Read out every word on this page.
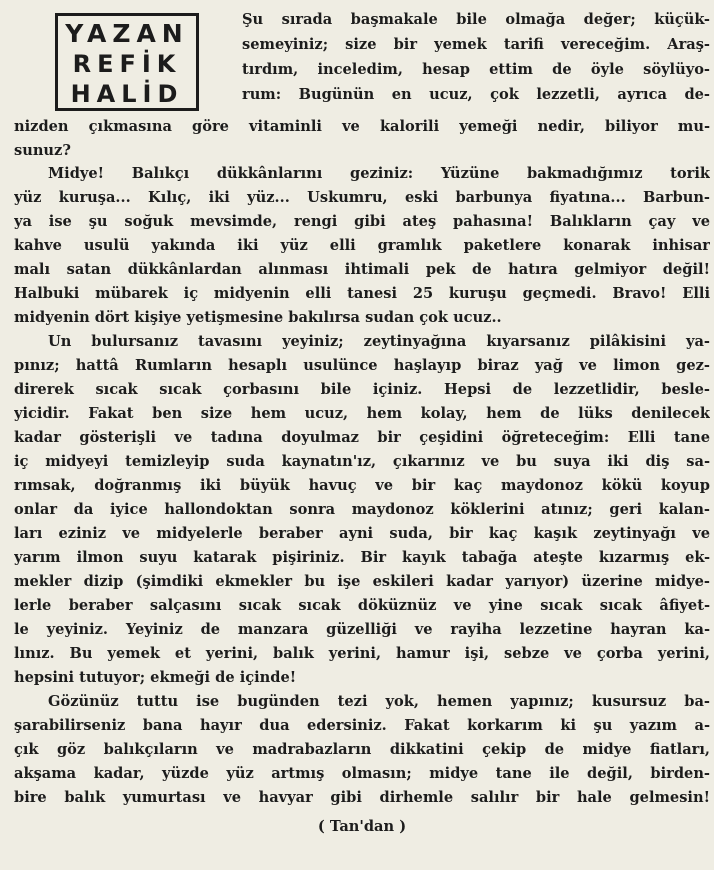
YAZAN
REFİK
HALİD
Şu sırada başmakale bile olmağa değer; küçük-
semeyiniz; size bir yemek tarifi vereceğim. Araş-
tırdım, inceledim, hesap ettim de öyle söylüyo-
rum: Bugünün en ucuz, çok lezzetli, ayrıca de-
nizden çıkmasına göre vitaminli ve kalorili yemeği nedir, biliyor mu-
sunuz?
Midye! Balıkçı dükkânlarını geziniz: Yüzüne bakmadığımız torik
yüz kuruşa... Kılıç, iki yüz... Uskumru, eski barbunya fiyatına... Barbun-
ya ise şu soğuk mevsimde, rengi gibi ateş pahasına! Balıkların çay ve
kahve usulü yakında iki yüz elli gramlık paketlere konarak inhisar
malı satan dükkânlardan alınması ihtimali pek de hatıra gelmiyor değil!
Halbuki mübarek iç midyenin elli tanesi 25 kuruşu geçmedi. Bravo! Elli
midyenin dört kişiye yetişmesine bakılırsa sudan çok ucuz..
Un bulursanız tavasını yeyiniz; zeytinyağına kıyarsanız pilâkisini ya-
pınız; hattâ Rumların hesaplı usulünce haşlayıp biraz yağ ve limon gez-
direrek sıcak sıcak çorbasını bile içiniz. Hepsi de lezzetlidir, besle-
yicidir. Fakat ben size hem ucuz, hem kolay, hem de lüks denilecek
kadar gösterişli ve tadına doyulmaz bir çeşidini öğreteceğim: Elli tane
iç midyeyi temizleyip suda kaynatın'ız, çıkarınız ve bu suya iki diş sa-
rımsak, doğranmış iki büyük havuç ve bir kaç maydonoz kökü koyup
onlar da iyice hallondoktan sonra maydonoz köklerini atınız; geri kalan-
ları eziniz ve midyelerle beraber ayni suda, bir kaç kaşık zeytinyağı ve
yarım ilmon suyu katarak pişiriniz. Bir kayık tabağa ateşte kızarmış ek-
mekler dizip (şimdiki ekmekler bu işe eskileri kadar yarıyor) üzerine midye-
lerle beraber salçasını sıcak sıcak döküznüz ve yine sıcak sıcak âfiyet-
le yeyiniz. Yeyiniz de manzara güzelliği ve rayiha lezzetine hayran ka-
lınız. Bu yemek et yerini, balık yerini, hamur işi, sebze ve çorba yerini,
hepsini tutuyor; ekmeği de içinde!
Gözünüz tuttu ise bugünden tezi yok, hemen yapınız; kusursuz ba-
şarabilirseniz bana hayır dua edersiniz. Fakat korkarım ki şu yazım a-
çık göz balıkçıların ve madrabazların dikkatini çekip de midye fiatları,
akşama kadar, yüzde yüz artmış olmasın; midye tane ile değil, birden-
bire balık yumurtası ve havyar gibi dirhemle salılır bir hale gelmesin!
( Tan'dan )
